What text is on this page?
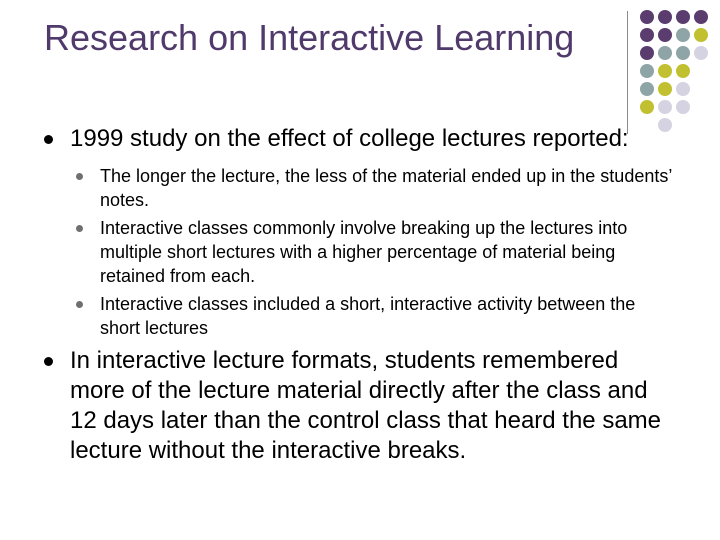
Research on Interactive Learning
1999 study on the effect of college lectures reported:
The longer the lecture, the less of the material ended up in the students’ notes.
Interactive classes commonly involve breaking up the lectures into multiple short lectures with a higher percentage of material being retained from each.
Interactive classes included a short, interactive activity between the short lectures
In interactive lecture formats, students remembered more of the lecture material directly after the class and 12 days later than the control class that heard the same lecture without the interactive breaks.
